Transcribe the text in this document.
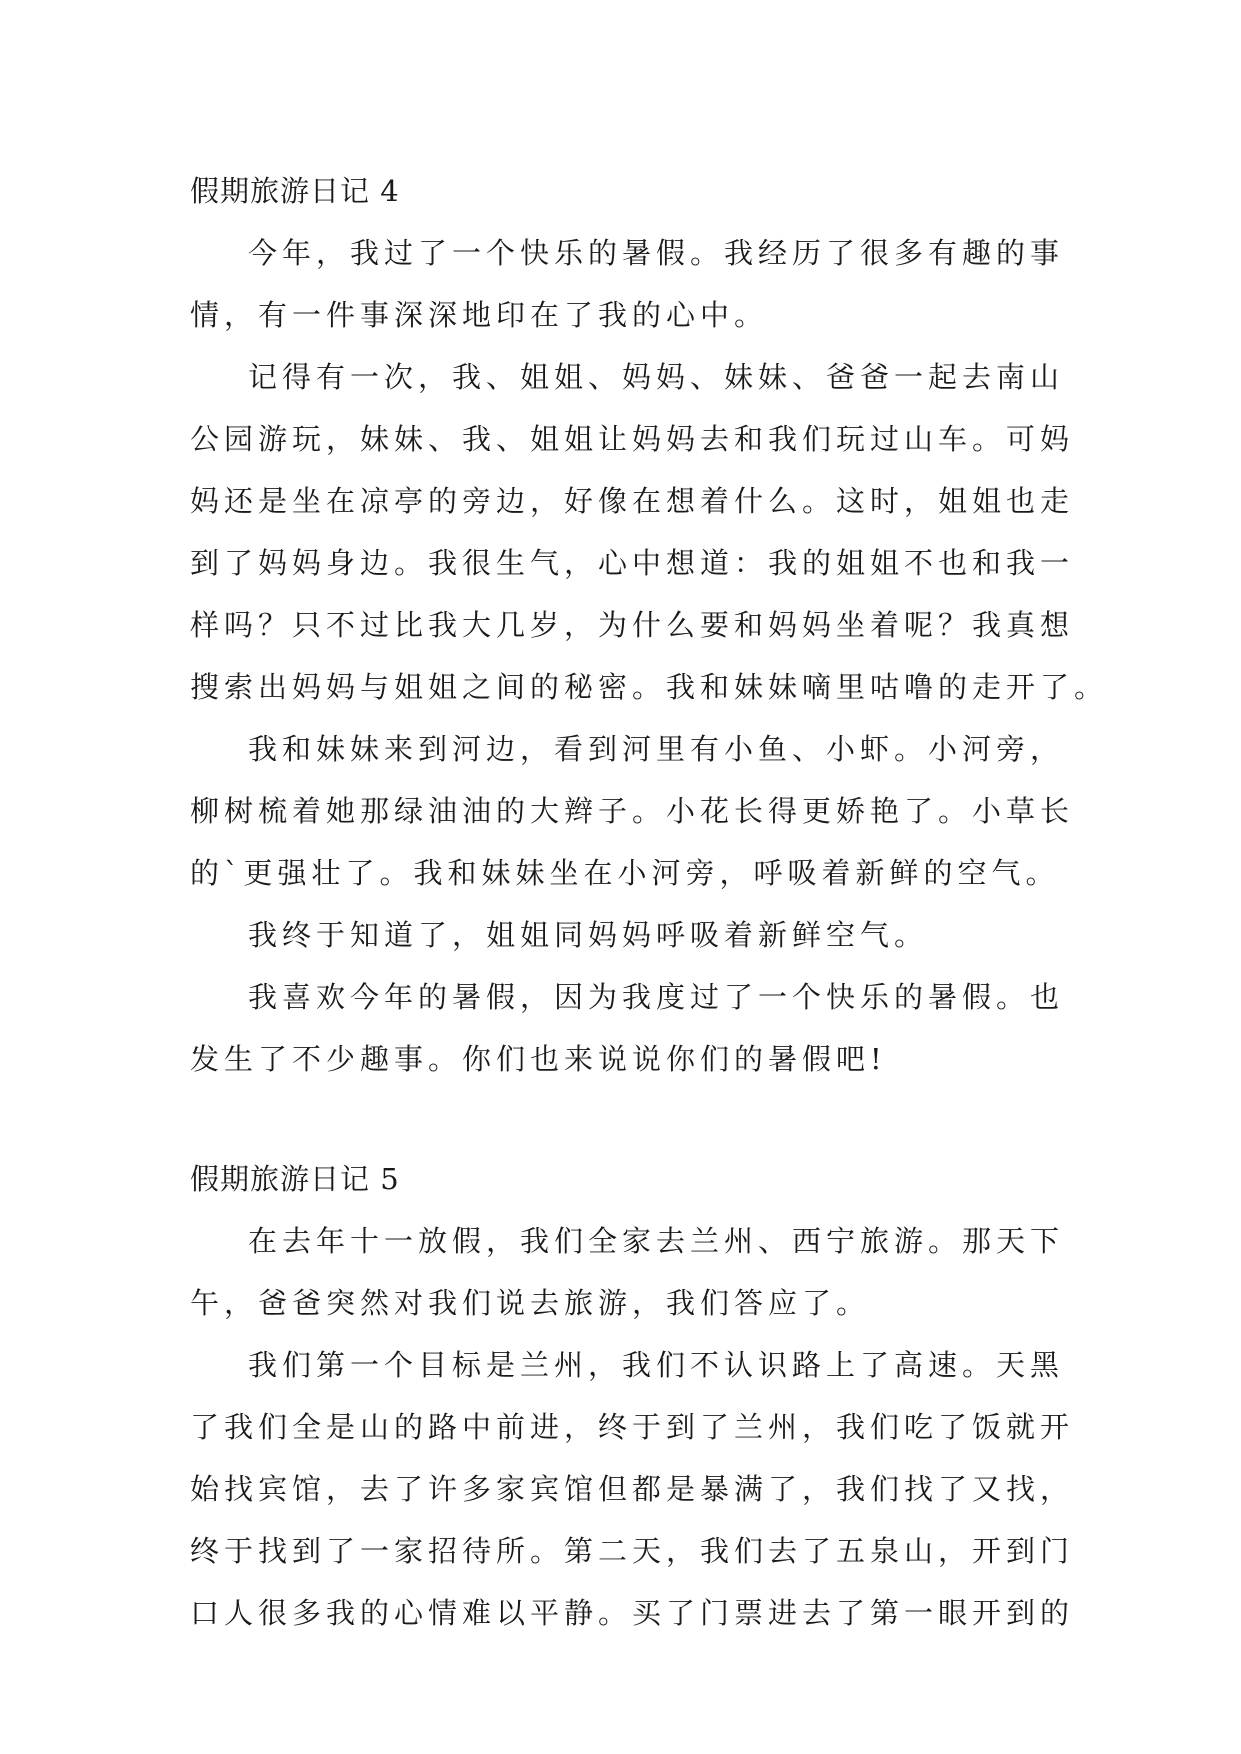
假期旅游日记 4

今年，我过了一个快乐的暑假。我经历了很多有趣的事
情，有一件事深深地印在了我的心中。

记得有一次，我、姐姐、妈妈、妹妹、爸爸一起去南山
公园游玩，妹妹、我、姐姐让妈妈去和我们玩过山车。可妈
妈还是坐在凉亭的旁边，好像在想着什么。这时，姐姐也走
到了妈妈身边。我很生气，心中想道：我的姐姐不也和我一
样吗？只不过比我大几岁，为什么要和妈妈坐着呢？我真想
搜索出妈妈与姐姐之间的秘密。我和妹妹嘀里咕噜的走开了。

我和妹妹来到河边，看到河里有小鱼、小虾。小河旁，
柳树梳着她那绿油油的大辫子。小花长得更娇艳了。小草长
的`更强壮了。我和妹妹坐在小河旁，呼吸着新鲜的空气。

我终于知道了，姐姐同妈妈呼吸着新鲜空气。

我喜欢今年的暑假，因为我度过了一个快乐的暑假。也
发生了不少趣事。你们也来说说你们的暑假吧!

假期旅游日记 5

在去年十一放假，我们全家去兰州、西宁旅游。那天下
午，爸爸突然对我们说去旅游，我们答应了。

我们第一个目标是兰州，我们不认识路上了高速。天黑
了我们全是山的路中前进，终于到了兰州，我们吃了饭就开
始找宾馆，去了许多家宾馆但都是暴满了，我们找了又找，
终于找到了一家招待所。第二天，我们去了五泉山，开到门
口人很多我的心情难以平静。买了门票进去了第一眼开到的
